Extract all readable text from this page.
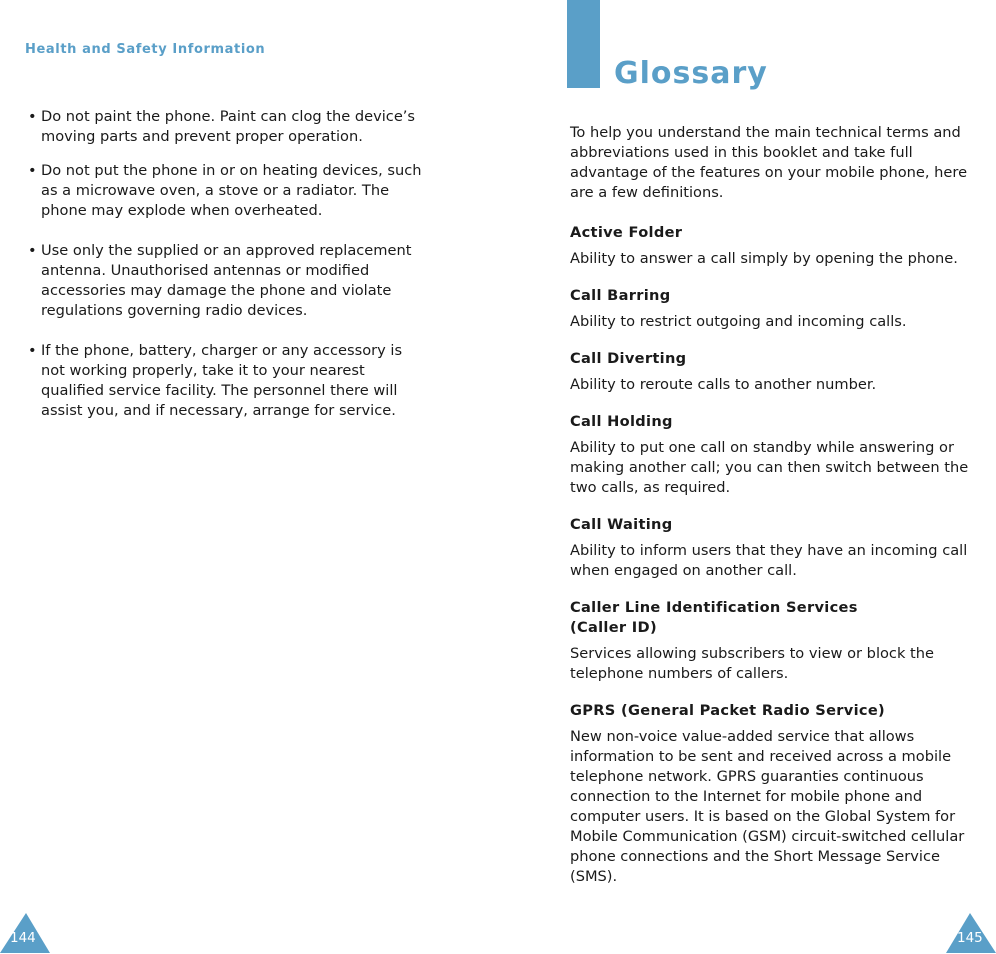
Health and Safety Information
• Do not paint the phone. Paint can clog the device’s moving parts and prevent proper operation.
• Do not put the phone in or on heating devices, such as a microwave oven, a stove or a radiator. The phone may explode when overheated.
• Use only the supplied or an approved replacement antenna. Unauthorised antennas or modified accessories may damage the phone and violate regulations governing radio devices.
• If the phone, battery, charger or any accessory is not working properly, take it to your nearest qualified service facility. The personnel there will assist you, and if necessary, arrange for service.
Glossary

To help you understand the main technical terms and abbreviations used in this booklet and take full advantage of the features on your mobile phone, here are a few definitions.

Active Folder
Ability to answer a call simply by opening the phone.
Call Barring
Ability to restrict outgoing and incoming calls.
Call Diverting
Ability to reroute calls to another number.
Call Holding
Ability to put one call on standby while answering or making another call; you can then switch between the two calls, as required.
Call Waiting
Ability to inform users that they have an incoming call when engaged on another call.
Caller Line Identification Services
(Caller ID)
Services allowing subscribers to view or block the telephone numbers of callers.
GPRS (General Packet Radio Service)
New non-voice value-added service that allows information to be sent and received across a mobile telephone network. GPRS guaranties continuous connection to the Internet for mobile phone and computer users. It is based on the Global System for Mobile Communication (GSM) circuit-switched cellular phone connections and the Short Message Service (SMS).
144	145
